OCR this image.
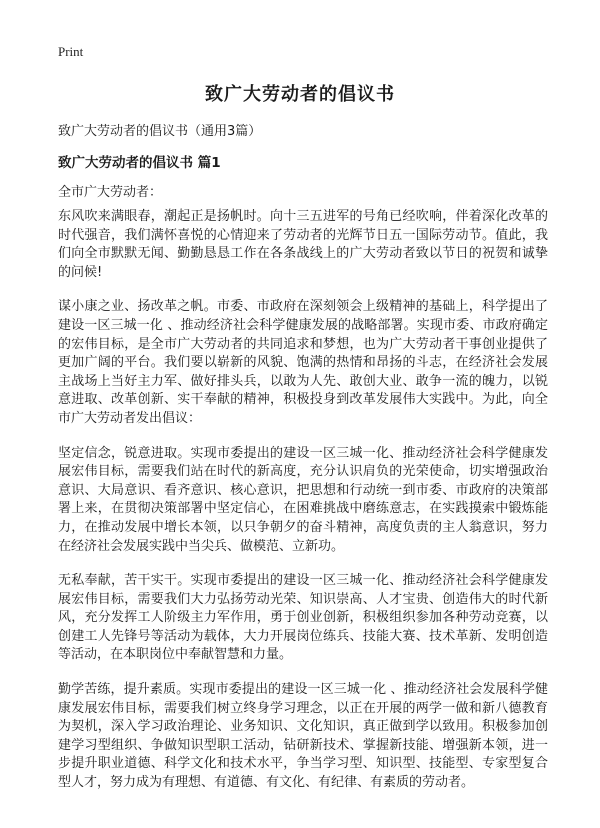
Print
致广大劳动者的倡议书

致广大劳动者的倡议书（通用3篇）

致广大劳动者的倡议书 篇1

全市广大劳动者：

东风吹来满眼春，潮起正是扬帆时。向十三五进军的号角已经吹响，伴着深化改革的时代强音，我们满怀喜悦的心情迎来了劳动者的光辉节日五一国际劳动节。值此，我们向全市默默无闻、勤勤恳恳工作在各条战线上的广大劳动者致以节日的祝贺和诚挚的问候!

谋小康之业、扬改革之帆。市委、市政府在深刻领会上级精神的基础上，科学提出了建设一区三城一化 、推动经济社会科学健康发展的战略部署。实现市委、市政府确定的宏伟目标，是全市广大劳动者的共同追求和梦想，也为广大劳动者干事创业提供了更加广阔的平台。我们要以崭新的风貌、饱满的热情和昂扬的斗志，在经济社会发展主战场上当好主力军、做好排头兵，以敢为人先、敢创大业、敢争一流的魄力，以锐意进取、改革创新、实干奉献的精神，积极投身到改革发展伟大实践中。为此，向全市广大劳动者发出倡议：

坚定信念，锐意进取。实现市委提出的建设一区三城一化、推动经济社会科学健康发展宏伟目标，需要我们站在时代的新高度，充分认识肩负的光荣使命，切实增强政治意识、大局意识、看齐意识、核心意识，把思想和行动统一到市委、市政府的决策部署上来，在贯彻决策部署中坚定信心，在困难挑战中磨练意志，在实践摸索中锻炼能力，在推动发展中增长本领，以只争朝夕的奋斗精神，高度负责的主人翁意识，努力在经济社会发展实践中当尖兵、做模范、立新功。

无私奉献，苦干实干。实现市委提出的建设一区三城一化、推动经济社会科学健康发展宏伟目标，需要我们大力弘扬劳动光荣、知识崇高、人才宝贵、创造伟大的时代新风，充分发挥工人阶级主力军作用，勇于创业创新，积极组织参加各种劳动竞赛，以创建工人先锋号等活动为载体，大力开展岗位练兵、技能大赛、技术革新、发明创造等活动，在本职岗位中奉献智慧和力量。

勤学苦练，提升素质。实现市委提出的建设一区三城一化 、推动经济社会发展科学健康发展宏伟目标，需要我们树立终身学习理念，以正在开展的两学一做和新八德教育为契机，深入学习政治理论、业务知识、文化知识，真正做到学以致用。积极参加创建学习型组织、争做知识型职工活动，钻研新技术、掌握新技能、增强新本领，进一步提升职业道德、科学文化和技术水平，争当学习型、知识型、技能型、专家型复合型人才，努力成为有理想、有道德、有文化、有纪律、有素质的劳动者。
